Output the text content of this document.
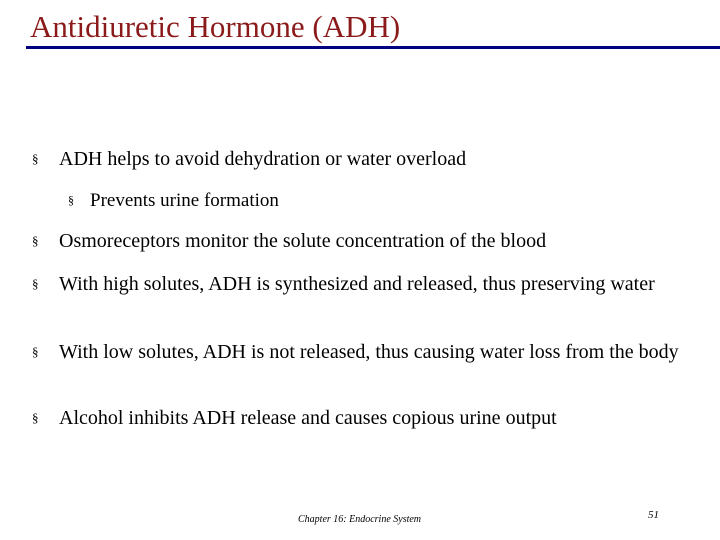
Antidiuretic Hormone (ADH)
§	ADH helps to avoid dehydration or water overload
§ Prevents urine formation
§	Osmoreceptors monitor the solute concentration of the blood
§	With high solutes, ADH is synthesized and released, thus preserving water
§	With low solutes, ADH is not released, thus causing water loss from the body
§	Alcohol inhibits ADH release and causes copious urine output
Chapter 16: Endocrine System	51
